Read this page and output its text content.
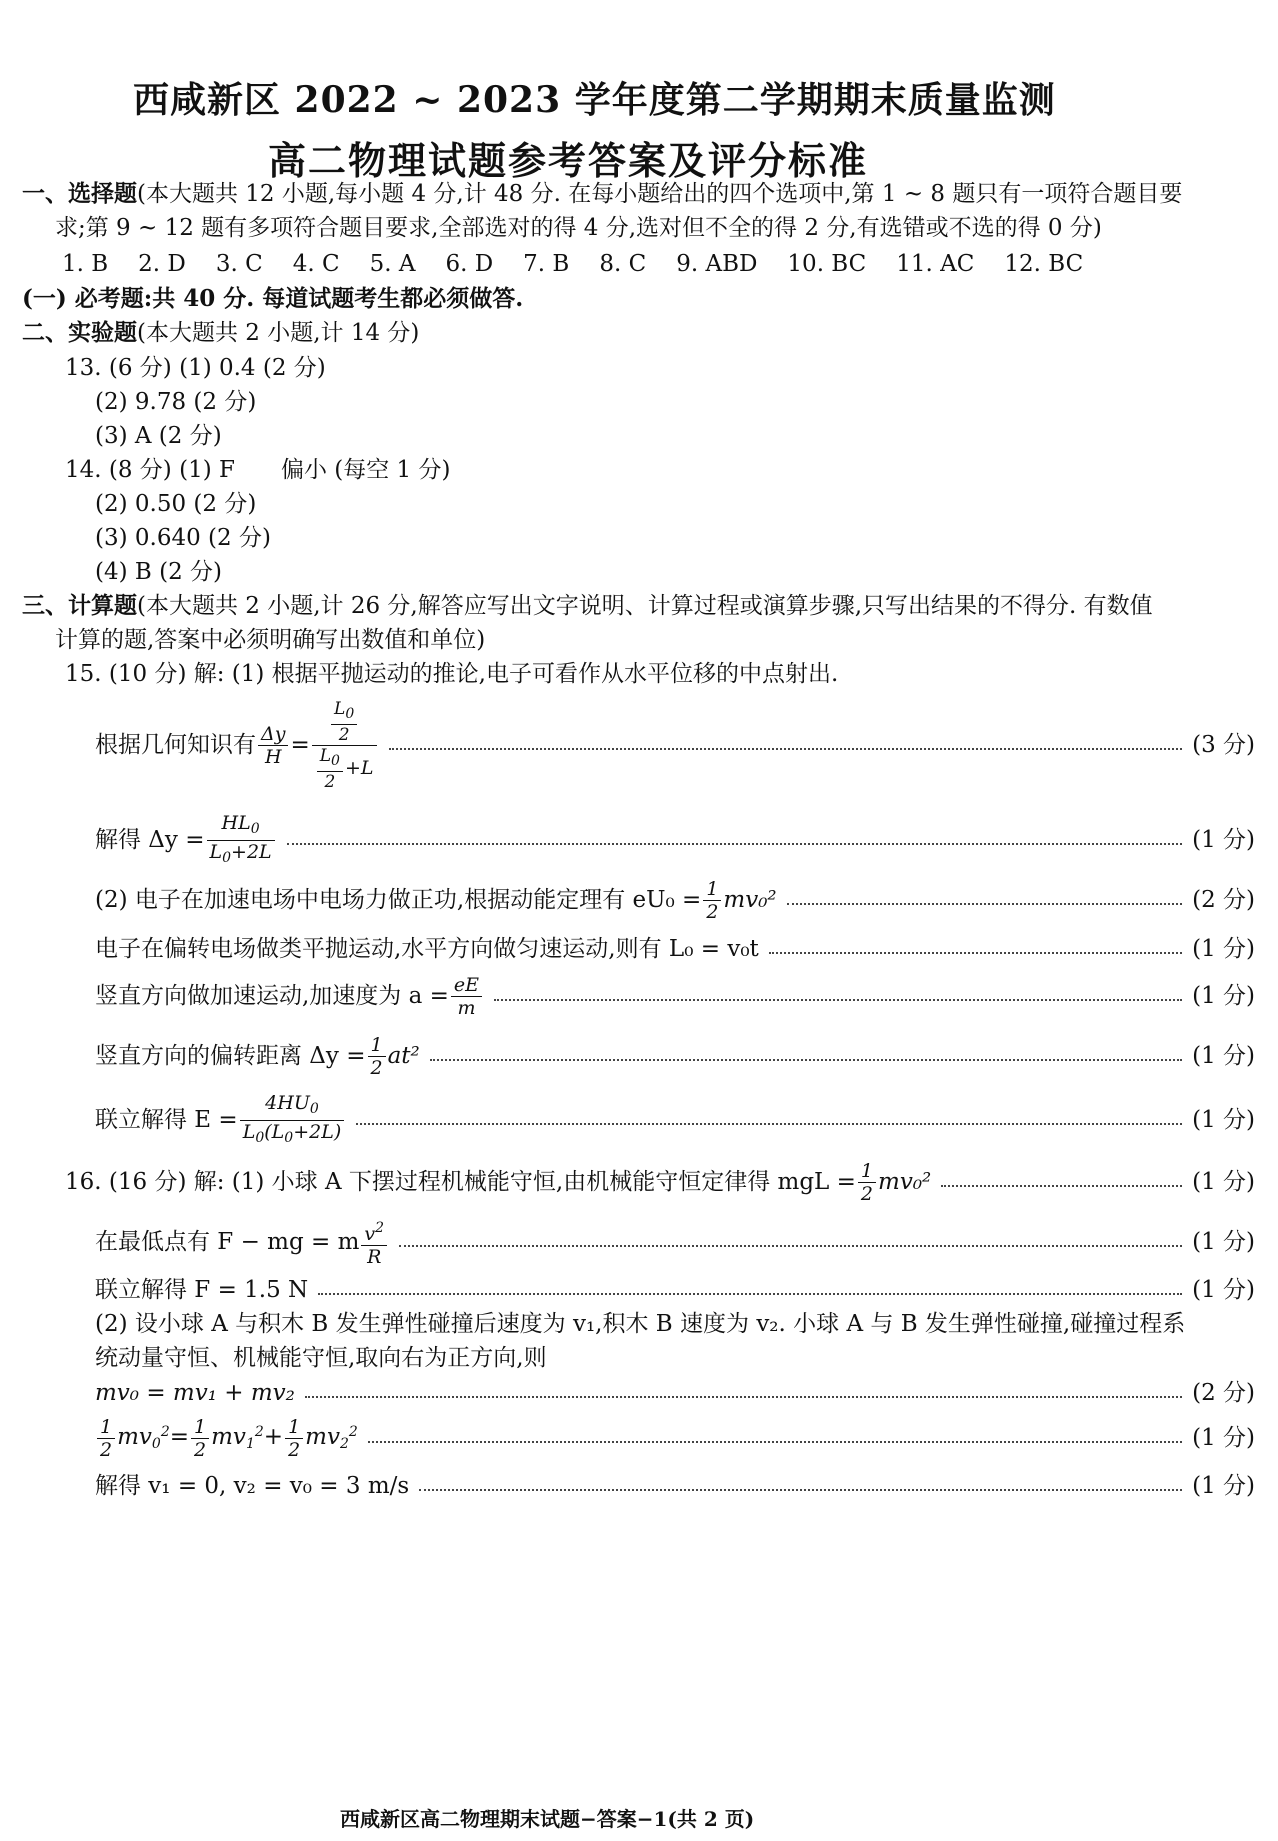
西咸新区 2022 ~ 2023 学年度第二学期期末质量监测
高二物理试题参考答案及评分标准
一、选择题(本大题共 12 小题,每小题 4 分,计 48 分. 在每小题给出的四个选项中,第 1 ~ 8 题只有一项符合题目要
求;第 9 ~ 12 题有多项符合题目要求,全部选对的得 4 分,选对但不全的得 2 分,有选错或不选的得 0 分)
1. B 2. D 3. C 4. C 5. A 6. D 7. B 8. C 9. ABD 10. BC 11. AC 12. BC
(一) 必考题:共 40 分. 每道试题考生都必须做答.
二、实验题(本大题共 2 小题,计 14 分)
13. (6 分) (1) 0.4 (2 分)
(2) 9.78 (2 分)
(3) A (2 分)
14. (8 分) (1) F　　偏小 (每空 1 分)
(2) 0.50 (2 分)
(3) 0.640 (2 分)
(4) B (2 分)
三、计算题(本大题共 2 小题,计 26 分,解答应写出文字说明、计算过程或演算步骤,只写出结果的不得分. 有数值
计算的题,答案中必须明确写出数值和单位)
15. (10 分) 解: (1) 根据平抛运动的推论,电子可看作从水平位移的中点射出.
根据几何知识有 $\frac{\Delta y}{H} = \frac{\frac{L_0}{2}}{\frac{L_0}{2} +L}$	(3 分)
解得 $\Delta y = \frac{HL_0}{L_0+2L}$	(1 分)
(2) 电子在加速电场中电场力做正功,根据动能定理有 $eU_0 = \frac{1}{2} mv_0^2$	(2 分)
电子在偏转电场做类平抛运动,水平方向做匀速运动,则有 L₀ = v₀t	(1 分)
竖直方向做加速运动,加速度为 $a = \frac{eE}{m}$	(1 分)
竖直方向的偏转距离 $\Delta y = \frac{1}{2} at^2$	(1 分)
联立解得 $E = \frac{4HU_0}{L_0(L_0+2L)}$	(1 分)
16. (16 分) 解: (1) 小球 A 下摆过程机械能守恒,由机械能守恒定律得 mgL = $\frac{1}{2} mv_0^2$	(1 分)
在最低点有 F − mg = m $\frac{v^2}{R}$	(1 分)
联立解得 F = 1.5 N	(1 分)
(2) 设小球 A 与积木 B 发生弹性碰撞后速度为 v₁,积木 B 速度为 v₂. 小球 A 与 B 发生弹性碰撞,碰撞过程系
统动量守恒、机械能守恒,取向右为正方向,则
mv₀ = mv₁ + mv₂	(2 分)
$\frac{1}{2} mv_0^2= \frac{1}{2} mv_1^2+ \frac{1}{2} mv_2^2$	(1 分)
解得 v₁ = 0, v₂ = v₀ = 3 m/s	(1 分)
西咸新区高二物理期末试题−答案−1(共 2 页)
